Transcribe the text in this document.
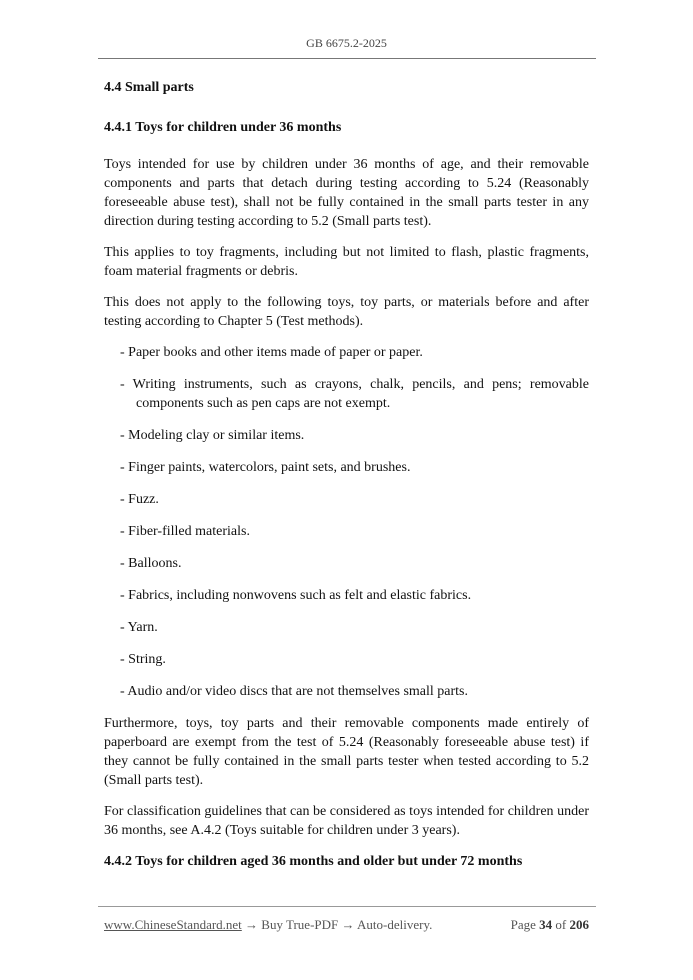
GB 6675.2-2025
4.4 Small parts
4.4.1 Toys for children under 36 months

Toys intended for use by children under 36 months of age, and their removable components and parts that detach during testing according to 5.24 (Reasonably foreseeable abuse test), shall not be fully contained in the small parts tester in any direction during testing according to 5.2 (Small parts test).

This applies to toy fragments, including but not limited to flash, plastic fragments, foam material fragments or debris.

This does not apply to the following toys, toy parts, or materials before and after testing according to Chapter 5 (Test methods).

- Paper books and other items made of paper or paper.
- Writing instruments, such as crayons, chalk, pencils, and pens; removable components such as pen caps are not exempt.
- Modeling clay or similar items.
- Finger paints, watercolors, paint sets, and brushes.
- Fuzz.
- Fiber-filled materials.
- Balloons.
- Fabrics, including nonwovens such as felt and elastic fabrics.
- Yarn.
- String.
- Audio and/or video discs that are not themselves small parts.

Furthermore, toys, toy parts and their removable components made entirely of paperboard are exempt from the test of 5.24 (Reasonably foreseeable abuse test) if they cannot be fully contained in the small parts tester when tested according to 5.2 (Small parts test).

For classification guidelines that can be considered as toys intended for children under 36 months, see A.4.2 (Toys suitable for children under 3 years).

4.4.2 Toys for children aged 36 months and older but under 72 months
www.ChineseStandard.net → Buy True-PDF → Auto-delivery.	Page 34 of 206
